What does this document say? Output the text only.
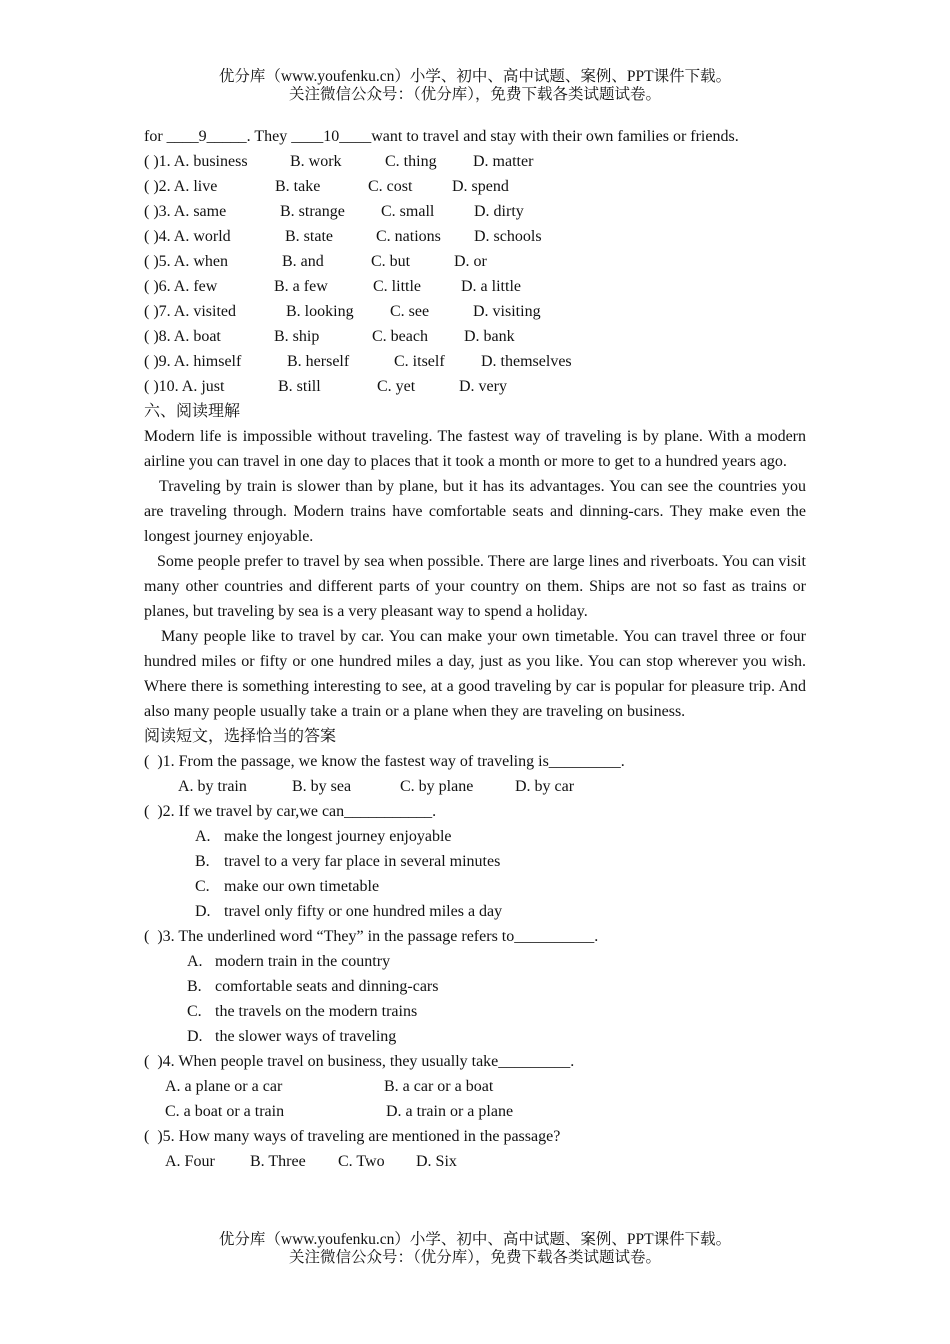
优分库（www.youfenku.cn）小学、初中、高中试题、案例、PPT课件下载。
关注微信公众号：（优分库），免费下载各类试题试卷。
for ____9_____. They ____10____want to travel and stay with their own families or friends.
( )1. A. business	B. work	C. thing D. matter
( )2. A. live	B. take	C. cost D. spend
( )3. A. same	B. strange C. small D. dirty
( )4. A. world	B. state	C. nations D. schools
( )5. A. when	B. and	C. but	D. or
( )6. A. few	B. a few	C. little	D. a little
( )7. A. visited	B. looking C. see	D. visiting
( )8. A. boat	B. ship	C. beach D. bank
( )9. A. himself	B. herself	C. itself D. themselves
( )10. A. just	B. still	C. yet	D. very
六、阅读理解
Modern life is impossible without traveling. The fastest way of traveling is by plane. With a modern airline you can travel in one day to places that it took a month or more to get to a hundred years ago.
Traveling by train is slower than by plane, but it has its advantages. You can see the countries you are traveling through. Modern trains have comfortable seats and dinning-cars. They make even the longest journey enjoyable.
Some people prefer to travel by sea when possible. There are large lines and riverboats. You can visit many other countries and different parts of your country on them. Ships are not so fast as trains or planes, but traveling by sea is a very pleasant way to spend a holiday.
Many people like to travel by car. You can make your own timetable. You can travel three or four hundred miles or fifty or one hundred miles a day, just as you like. You can stop wherever you wish. Where there is something interesting to see, at a good traveling by car is popular for pleasure trip. And also many people usually take a train or a plane when they are traveling on business.
阅读短文，选择恰当的答案
(  )1. From the passage, we know the fastest way of traveling is_________.
A. by train	B. by sea	C. by plane	D. by car
(  )2. If we travel by car,we can___________.
A. make the longest journey enjoyable
B. travel to a very far place in several minutes
C. make our own timetable
D. travel only fifty or one hundred miles a day
(  )3. The underlined word “They” in the passage refers to__________.
A. modern train in the country
B. comfortable seats and dinning-cars
C. the travels on the modern trains
D. the slower ways of traveling
(  )4. When people travel on business, they usually take_________.
A. a plane or a car	B. a car or a boat
C. a boat or a train	D. a train or a plane
(  )5. How many ways of traveling are mentioned in the passage?
A. Four B. Three C. Two D. Six
优分库（www.youfenku.cn）小学、初中、高中试题、案例、PPT课件下载。
关注微信公众号：（优分库），免费下载各类试题试卷。
